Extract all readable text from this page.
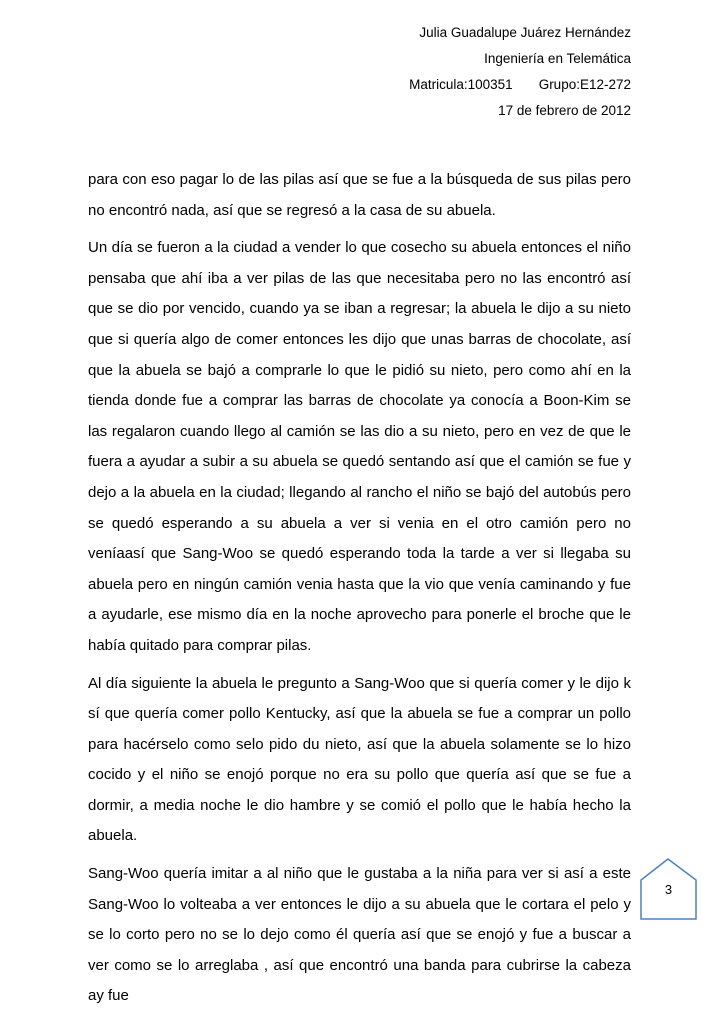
Julia Guadalupe Juárez Hernández
Ingeniería en Telemática
Matricula:100351 Grupo:E12-272
17 de febrero de 2012

para con eso pagar lo de las pilas así que se fue a la búsqueda de sus pilas pero no encontró nada, así que se regresó a la casa de su abuela.

Un día se fueron a la ciudad a vender lo que cosecho su abuela entonces el niño pensaba que ahí iba a ver pilas de las que necesitaba pero no las encontró así que se dio por vencido, cuando ya se iban a regresar; la abuela le dijo a su nieto que si quería algo de comer entonces les dijo que unas barras de chocolate, así que la abuela se bajó a comprarle lo que le pidió su nieto, pero como ahí en la tienda donde fue a comprar las barras de chocolate ya conocía a Boon-Kim se las regalaron cuando llego al camión se las dio a su nieto, pero en vez de que le fuera a ayudar a subir a su abuela se quedó sentando así que el camión se fue y dejo a la abuela en la ciudad; llegando al rancho el niño se bajó del autobús pero se quedó esperando a su abuela a ver si venia en el otro camión pero no veníaasí que Sang-Woo se quedó esperando toda la tarde a ver si llegaba su abuela pero en ningún camión venia hasta que la vio que venía caminando y fue a ayudarle, ese mismo día en la noche aprovecho para ponerle el broche que le había quitado para comprar pilas.

Al día siguiente la abuela le pregunto a Sang-Woo que si quería comer y le dijo k sí que quería comer pollo Kentucky, así que la abuela se fue a comprar un pollo para hacérselo como selo pido du nieto, así que la abuela solamente se lo hizo cocido y el niño se enojó porque no era su pollo que quería así que se fue a dormir, a media noche le dio hambre y se comió el pollo que le había hecho la abuela.

Sang-Woo quería imitar a al niño que le gustaba a la niña para ver si así a este Sang-Woo lo volteaba a ver entonces le dijo a su abuela que le cortara el pelo y se lo corto pero no se lo dejo como él quería así que se enojó y fue a buscar a ver como se lo arreglaba , así que encontró una banda para cubrirse la cabeza ay fue

3
